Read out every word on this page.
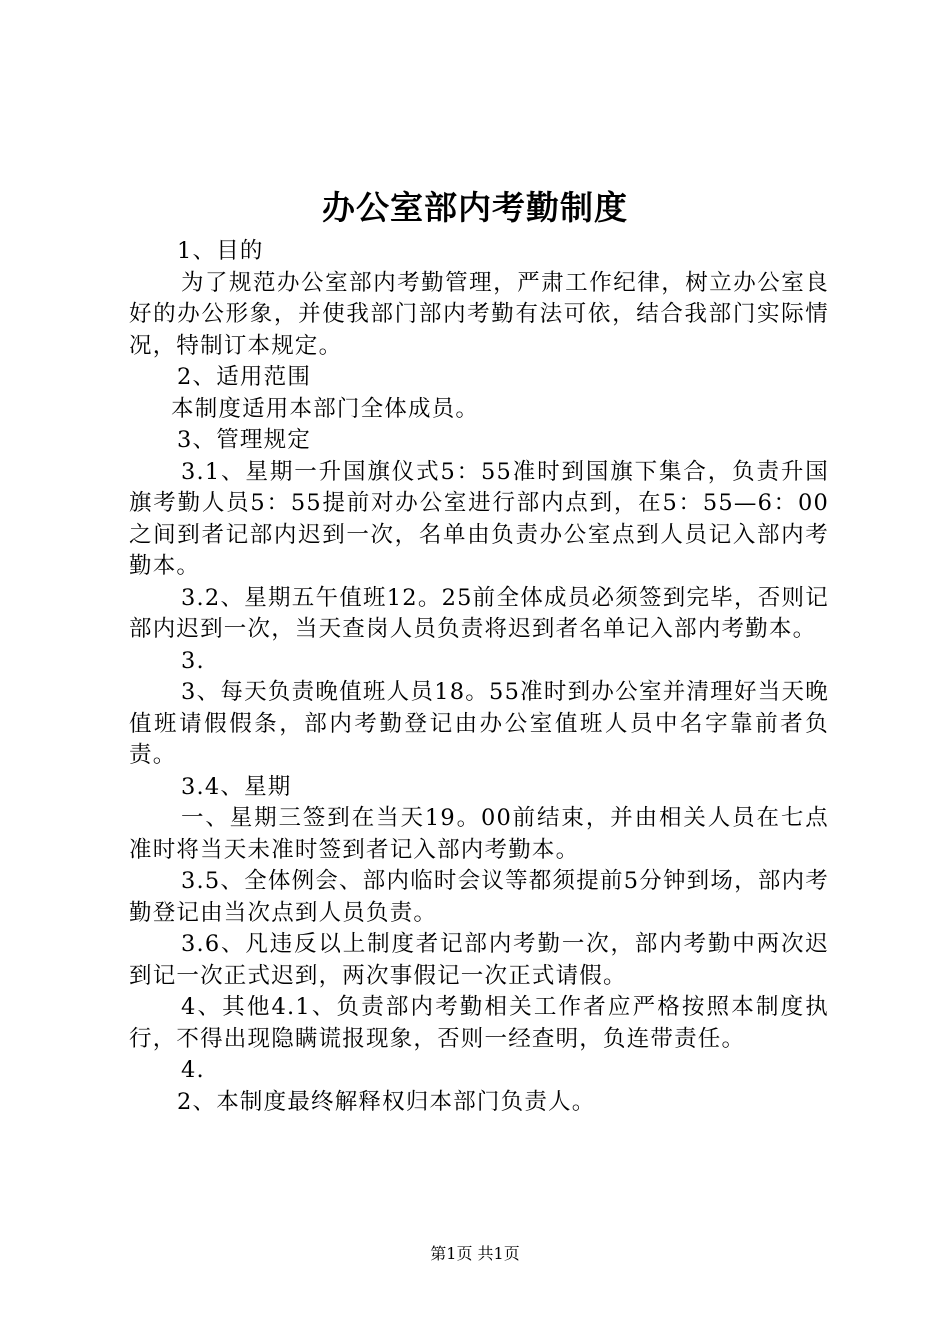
办公室部内考勤制度

1、目的

为了规范办公室部内考勤管理，严肃工作纪律，树立办公室良好的办公形象，并使我部门部内考勤有法可依，结合我部门实际情况，特制订本规定。

2、适用范围

本制度适用本部门全体成员。

3、管理规定

3.1、星期一升国旗仪式5：55准时到国旗下集合，负责升国旗考勤人员5：55提前对办公室进行部内点到，在5：55—6：00之间到者记部内迟到一次，名单由负责办公室点到人员记入部内考勤本。

3.2、星期五午值班12。25前全体成员必须签到完毕，否则记部内迟到一次，当天查岗人员负责将迟到者名单记入部内考勤本。

3.

3、每天负责晚值班人员18。55准时到办公室并清理好当天晚值班请假假条，部内考勤登记由办公室值班人员中名字靠前者负责。

3.4、星期

一、星期三签到在当天19。00前结束，并由相关人员在七点准时将当天未准时签到者记入部内考勤本。

3.5、全体例会、部内临时会议等都须提前5分钟到场，部内考勤登记由当次点到人员负责。

3.6、凡违反以上制度者记部内考勤一次，部内考勤中两次迟到记一次正式迟到，两次事假记一次正式请假。

4、其他4.1、负责部内考勤相关工作者应严格按照本制度执行，不得出现隐瞒谎报现象，否则一经查明，负连带责任。

4.

2、本制度最终解释权归本部门负责人。

第1页 共1页
